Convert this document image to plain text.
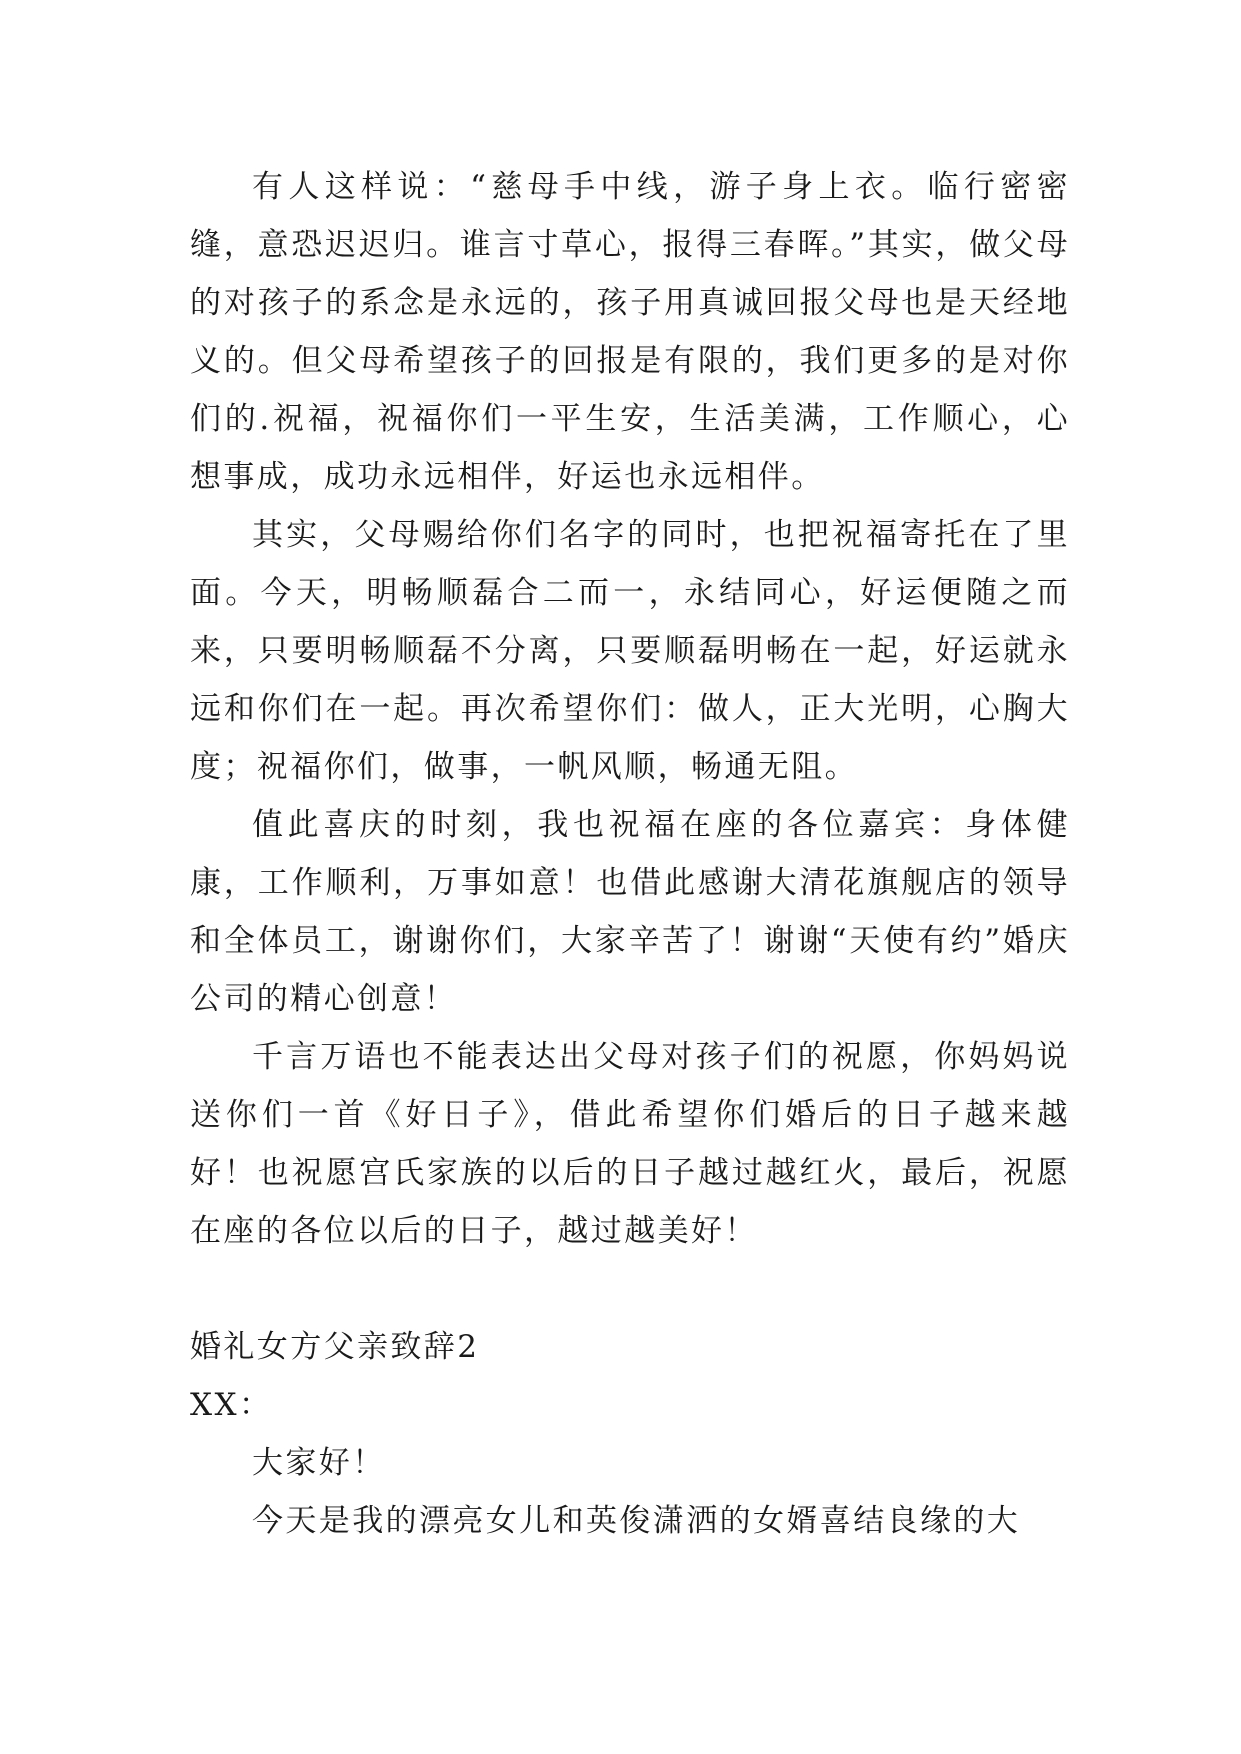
有人这样说：“慈母手中线，游子身上衣。临行密密缝，意恐迟迟归。谁言寸草心，报得三春晖。”其实，做父母的对孩子的系念是永远的，孩子用真诚回报父母也是天经地义的。但父母希望孩子的回报是有限的，我们更多的是对你们的.祝福，祝福你们一平生安，生活美满，工作顺心，心想事成，成功永远相伴，好运也永远相伴。

其实，父母赐给你们名字的同时，也把祝福寄托在了里面。今天，明畅顺磊合二而一，永结同心，好运便随之而来，只要明畅顺磊不分离，只要顺磊明畅在一起，好运就永远和你们在一起。再次希望你们：做人，正大光明，心胸大度；祝福你们，做事，一帆风顺，畅通无阻。

值此喜庆的时刻，我也祝福在座的各位嘉宾：身体健康，工作顺利，万事如意！也借此感谢大清花旗舰店的领导和全体员工，谢谢你们，大家辛苦了！谢谢“天使有约”婚庆公司的精心创意！

千言万语也不能表达出父母对孩子们的祝愿，你妈妈说送你们一首《好日子》，借此希望你们婚后的日子越来越好！也祝愿宫氏家族的以后的日子越过越红火，最后，祝愿在座的各位以后的日子，越过越美好！

婚礼女方父亲致辞2

XX：

大家好！

今天是我的漂亮女儿和英俊潇洒的女婿喜结良缘的大
